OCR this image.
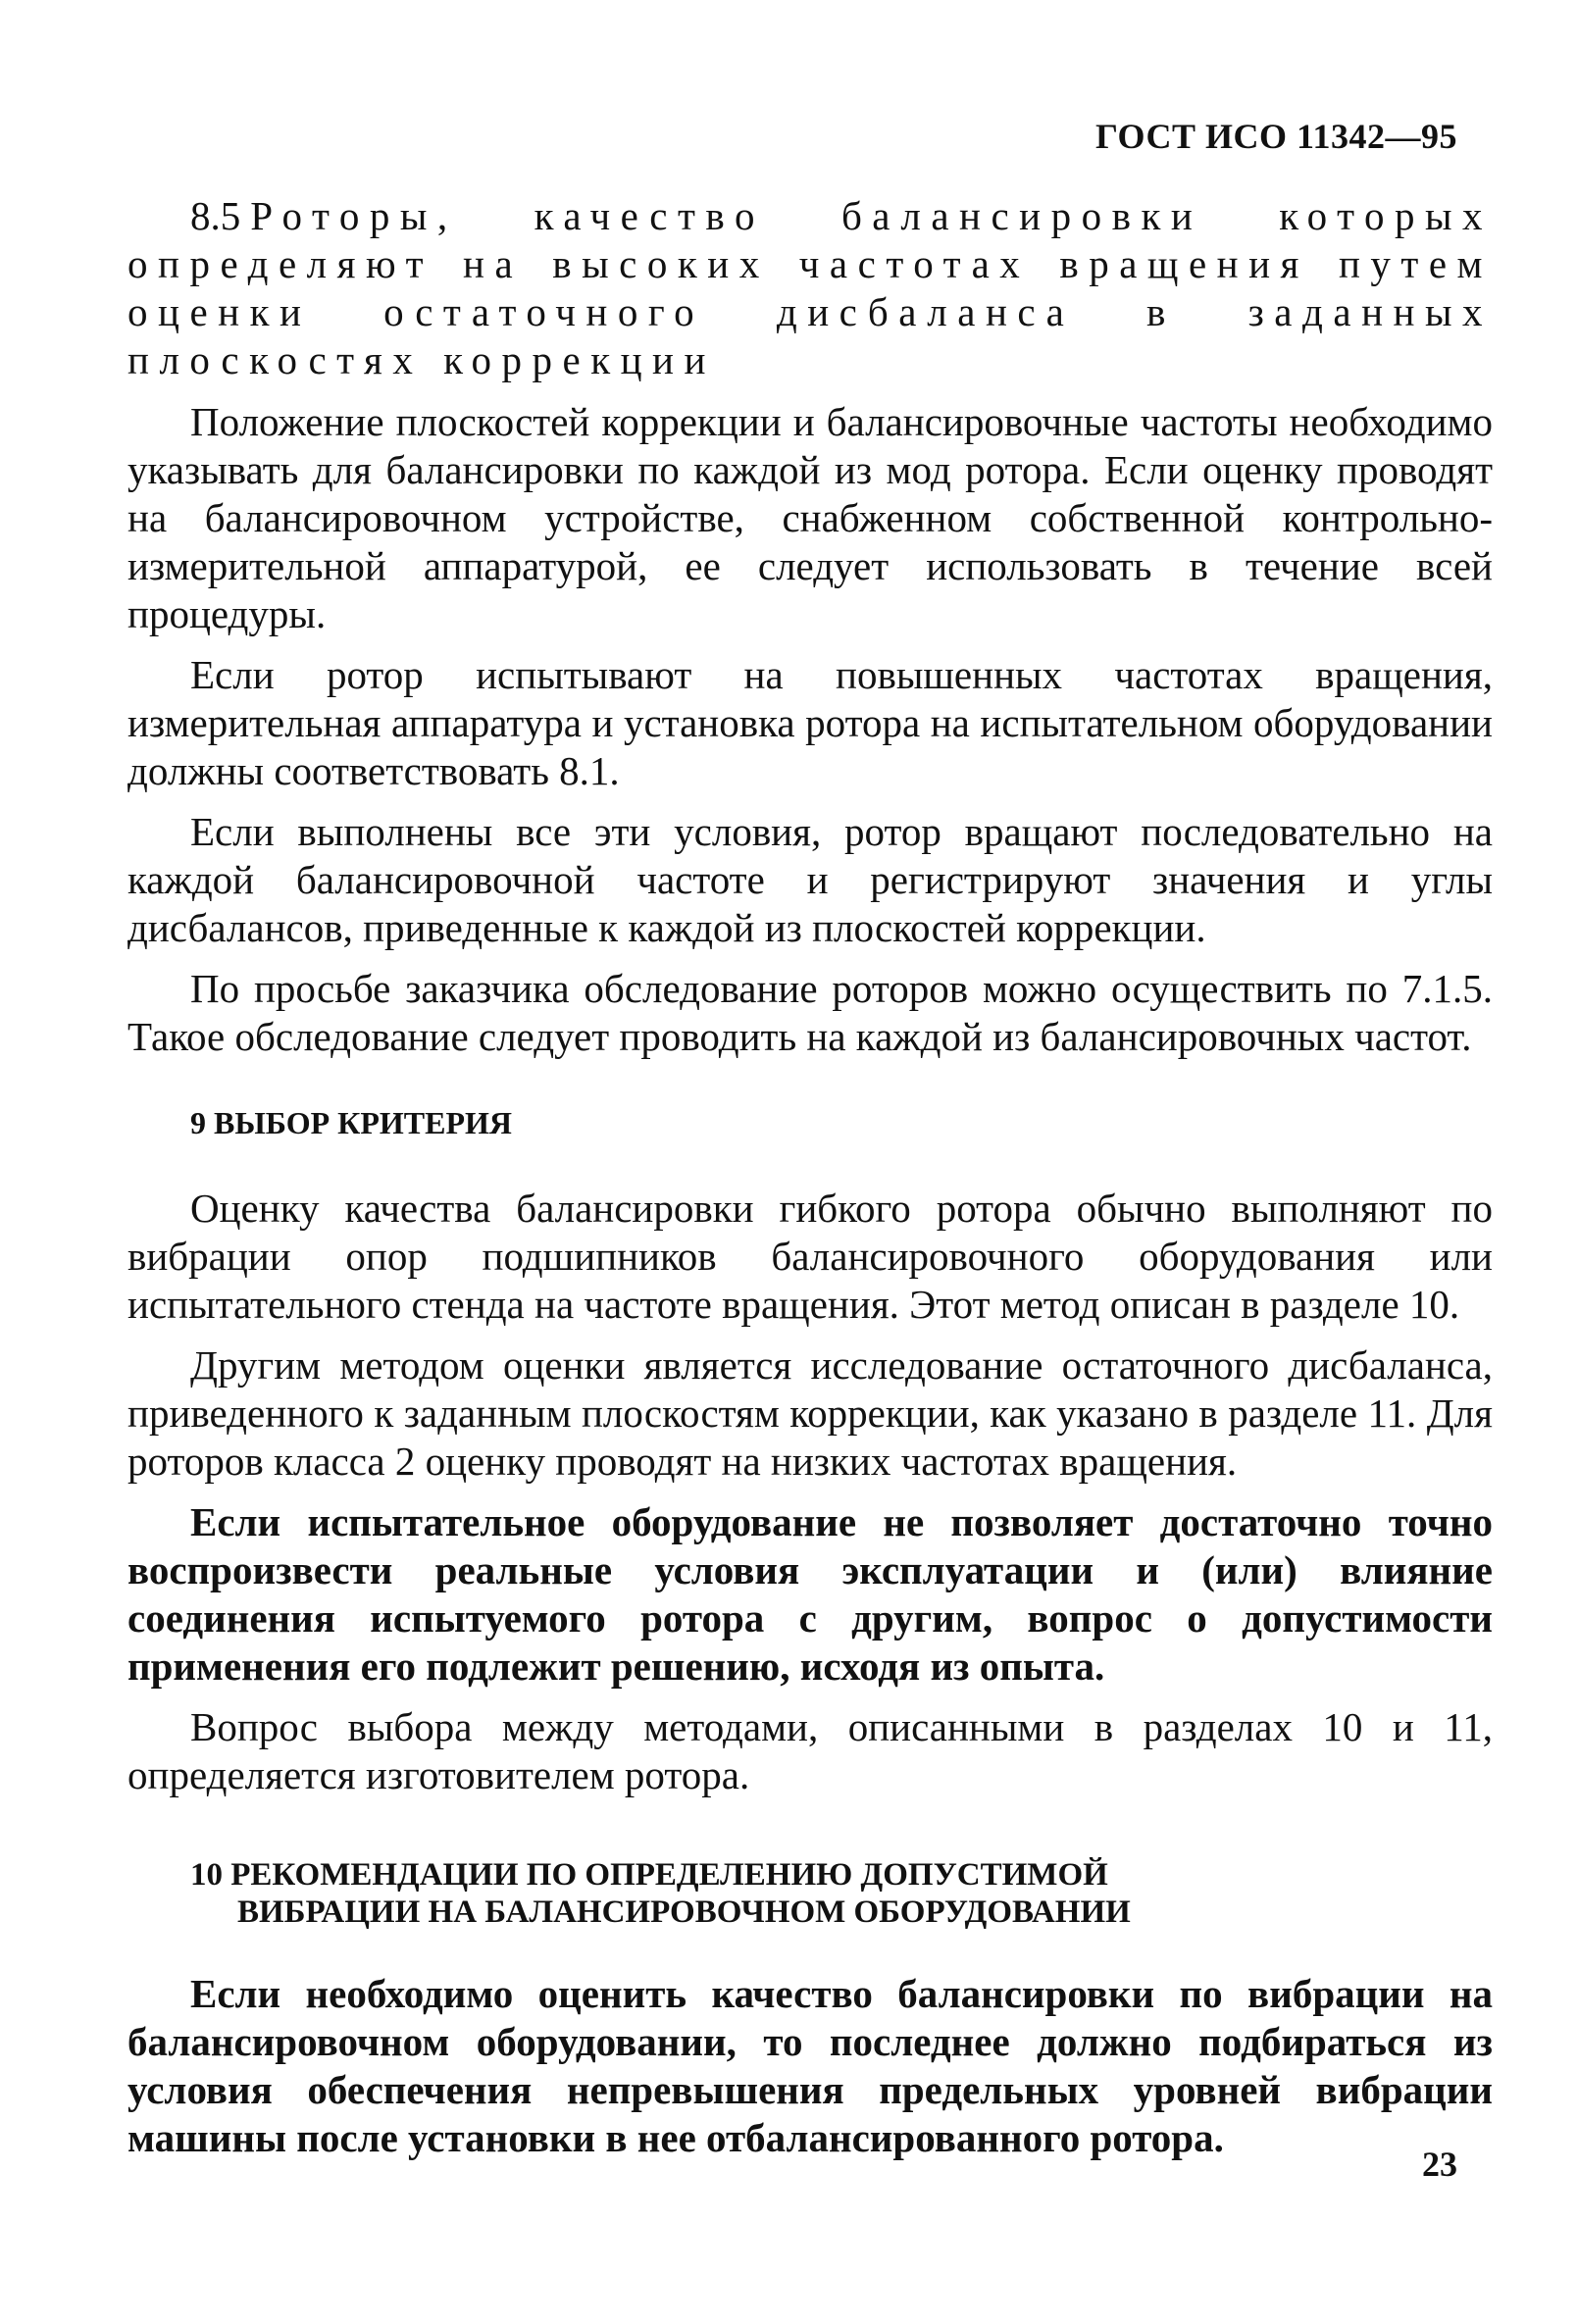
ГОСТ ИСО 11342—95

8.5 Роторы, качество балансировки которых определяют на высоких частотах вращения путем оценки остаточного дисбаланса в заданных плоскостях коррекции

Положение плоскостей коррекции и балансировочные частоты необходимо указывать для балансировки по каждой из мод ротора. Если оценку проводят на балансировочном устройстве, снабженном собственной контрольно-измерительной аппаратурой, ее следует использовать в течение всей процедуры.

Если ротор испытывают на повышенных частотах вращения, измерительная аппаратура и установка ротора на испытательном оборудовании должны соответствовать 8.1.

Если выполнены все эти условия, ротор вращают последовательно на каждой балансировочной частоте и регистрируют значения и углы дисбалансов, приведенные к каждой из плоскостей коррекции.

По просьбе заказчика обследование роторов можно осуществить по 7.1.5. Такое обследование следует проводить на каждой из балансировочных частот.

9 ВЫБОР КРИТЕРИЯ

Оценку качества балансировки гибкого ротора обычно выполняют по вибрации опор подшипников балансировочного оборудования или испытательного стенда на частоте вращения. Этот метод описан в разделе 10.

Другим методом оценки является исследование остаточного дисбаланса, приведенного к заданным плоскостям коррекции, как указано в разделе 11. Для роторов класса 2 оценку проводят на низких частотах вращения.

Если испытательное оборудование не позволяет достаточно точно воспроизвести реальные условия эксплуатации и (или) влияние соединения испытуемого ротора с другим, вопрос о допустимости применения его подлежит решению, исходя из опыта.

Вопрос выбора между методами, описанными в разделах 10 и 11, определяется изготовителем ротора.

10 РЕКОМЕНДАЦИИ ПО ОПРЕДЕЛЕНИЮ ДОПУСТИМОЙ
ВИБРАЦИИ НА БАЛАНСИРОВОЧНОМ ОБОРУДОВАНИИ

Если необходимо оценить качество балансировки по вибрации на балансировочном оборудовании, то последнее должно подбираться из условия обеспечения непревышения предельных уровней вибрации машины после установки в нее отбалансированного ротора.

23
